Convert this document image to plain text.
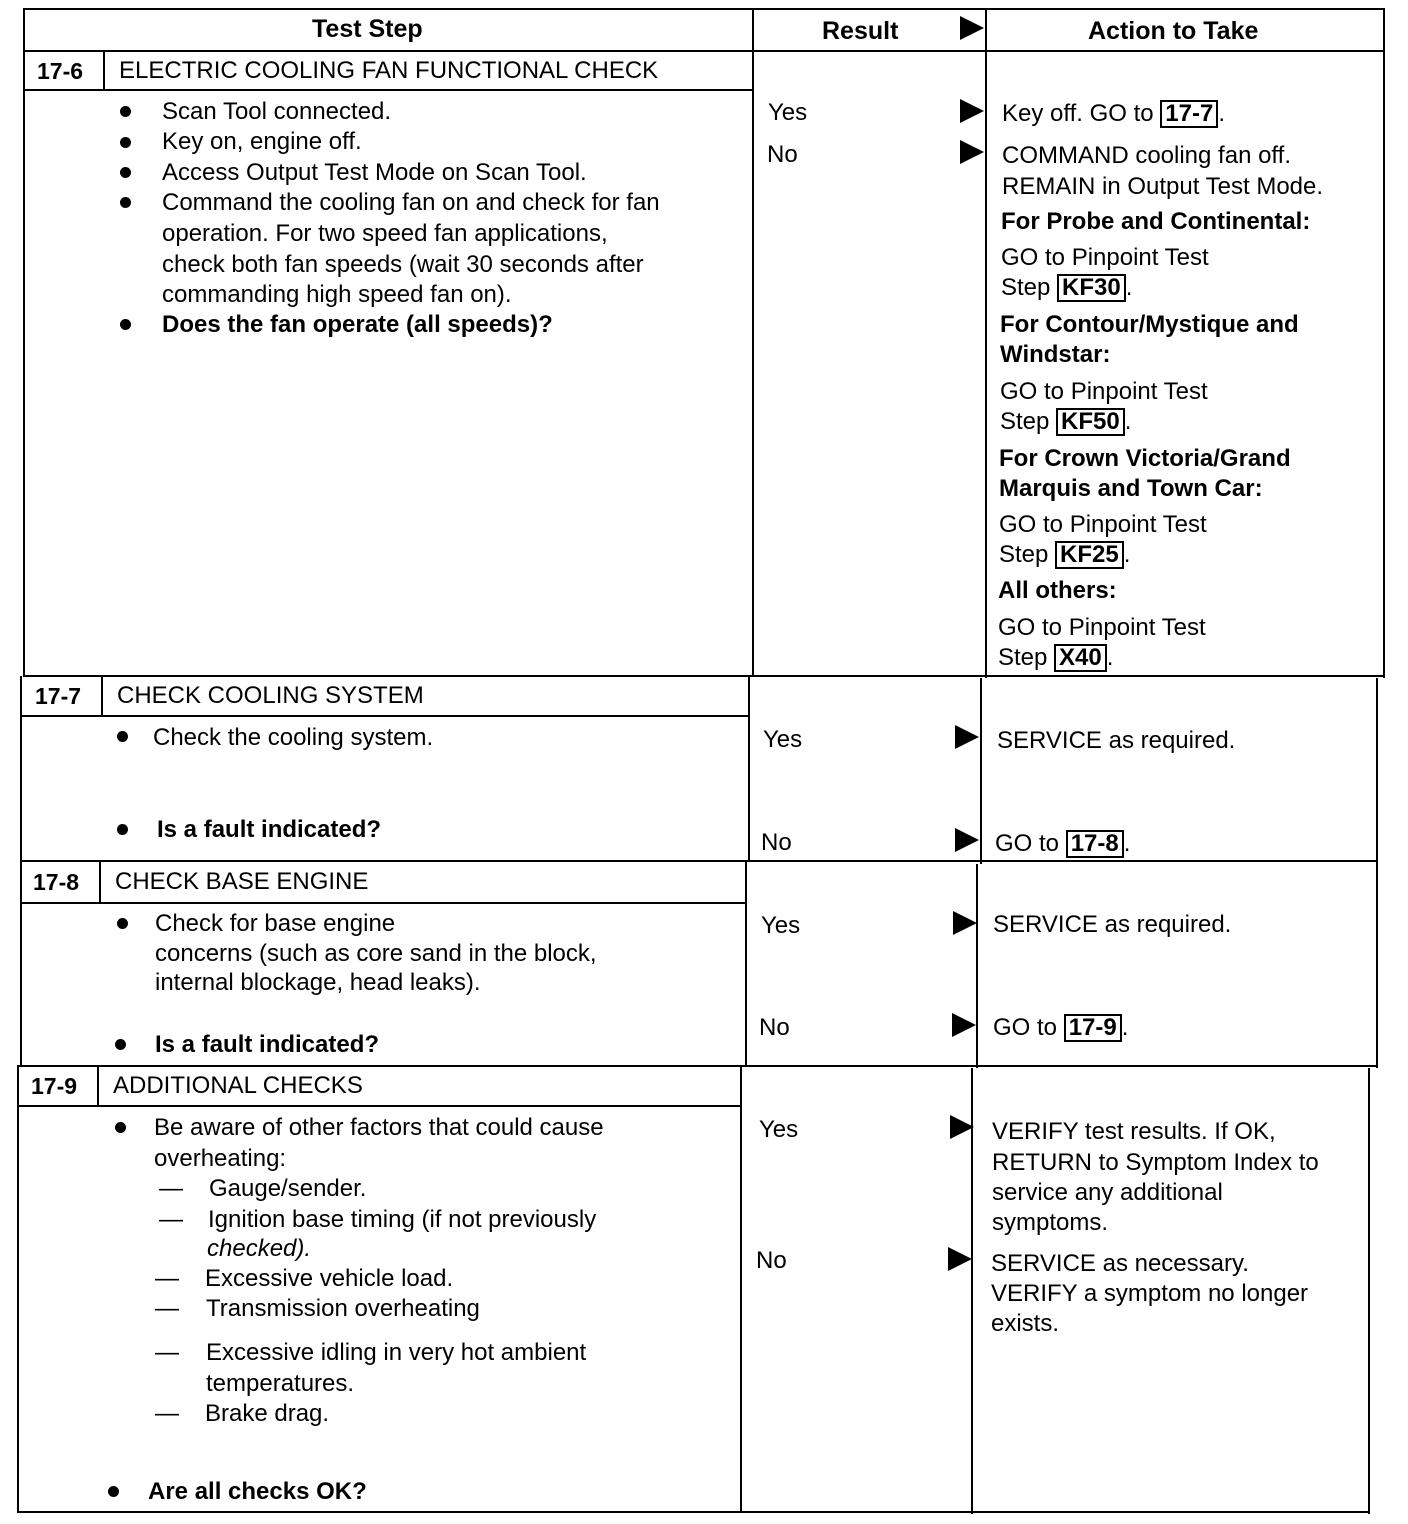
Test Step	Result	Action to Take
17-6 ELECTRIC COOLING FAN FUNCTIONAL CHECK
Scan Tool connected.
Key on, engine off.
Access Output Test Mode on Scan Tool.
Command the cooling fan on and check for fan
operation. For two speed fan applications,
check both fan speeds (wait 30 seconds after
commanding high speed fan on).
Does the fan operate (all speeds)?
Yes
No
Key off. GO to 17-7 .
COMMAND cooling fan off.
REMAIN in Output Test Mode.
For Probe and Continental:
GO to Pinpoint Test
Step KF30 .
For Contour/Mystique and
Windstar:
GO to Pinpoint Test
Step KF50 .
For Crown Victoria/Grand
Marquis and Town Car:
GO to Pinpoint Test
Step KF25 .
All others:
GO to Pinpoint Test
Step X40 .
17-7 CHECK COOLING SYSTEM
Check the cooling system.
Is a fault indicated?
Yes
No
SERVICE as required.
GO to 17-8 .
17-8 CHECK BASE ENGINE
Check for base engine
concerns (such as core sand in the block,
internal blockage, head leaks).
Is a fault indicated?
Yes
No
SERVICE as required.
GO to 17-9 .
17-9 ADDITIONAL CHECKS
Be aware of other factors that could cause
overheating:
— Gauge/sender.
— Ignition base timing (if not previously
checked).
— Excessive vehicle load.
— Transmission overheating
— Excessive idling in very hot ambient
temperatures.
— Brake drag.
Are all checks OK?
Yes
No
VERIFY test results. If OK,
RETURN to Symptom Index to
service any additional
symptoms.
SERVICE as necessary.
VERIFY a symptom no longer
exists.
